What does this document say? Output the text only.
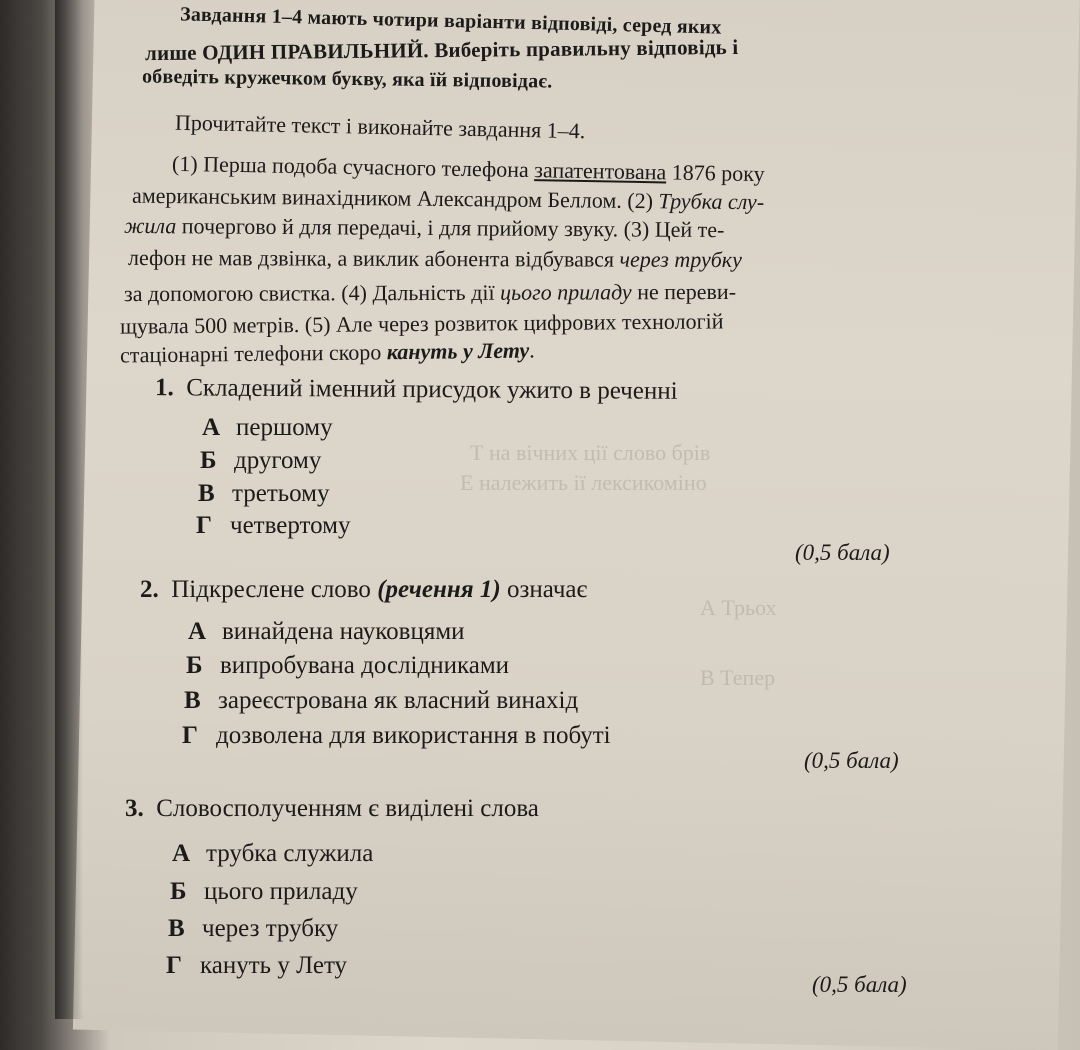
Т на вічних ції слово брів
Е належить ії лексикоміно
А Трьох
В Тепер
Завдання 1–4 мають чотири варіанти відповіді, серед яких
лише ОДИН ПРАВИЛЬНИЙ. Виберіть правильну відповідь і
обведіть кружечком букву, яка їй відповідає.
Прочитайте текст і виконайте завдання 1–4.
(1) Перша подоба сучасного телефона запатентована 1876 року
американським винахідником Александром Беллом. (2) Трубка слу-
жила почергово й для передачі, і для прийому звуку. (3) Цей те-
лефон не мав дзвінка, а виклик абонента відбувався через трубку
за допомогою свистка. (4) Дальність дії цього приладу не переви-
щувала 500 метрів. (5) Але через розвиток цифрових технологій
стаціонарні телефони скоро кануть у Лету.
1. Складений іменний присудок ужито в реченні
А першому
Б другому
В третьому
Г четвертому
(0,5 бала)
2. Підкреслене слово (речення 1) означає
А винайдена науковцями
Б випробувана дослідниками
В зареєстрована як власний винахід
Г дозволена для використання в побуті
(0,5 бала)
3. Словосполученням є виділені слова
А трубка служила
Б цього приладу
В через трубку
Г кануть у Лету
(0,5 бала)
